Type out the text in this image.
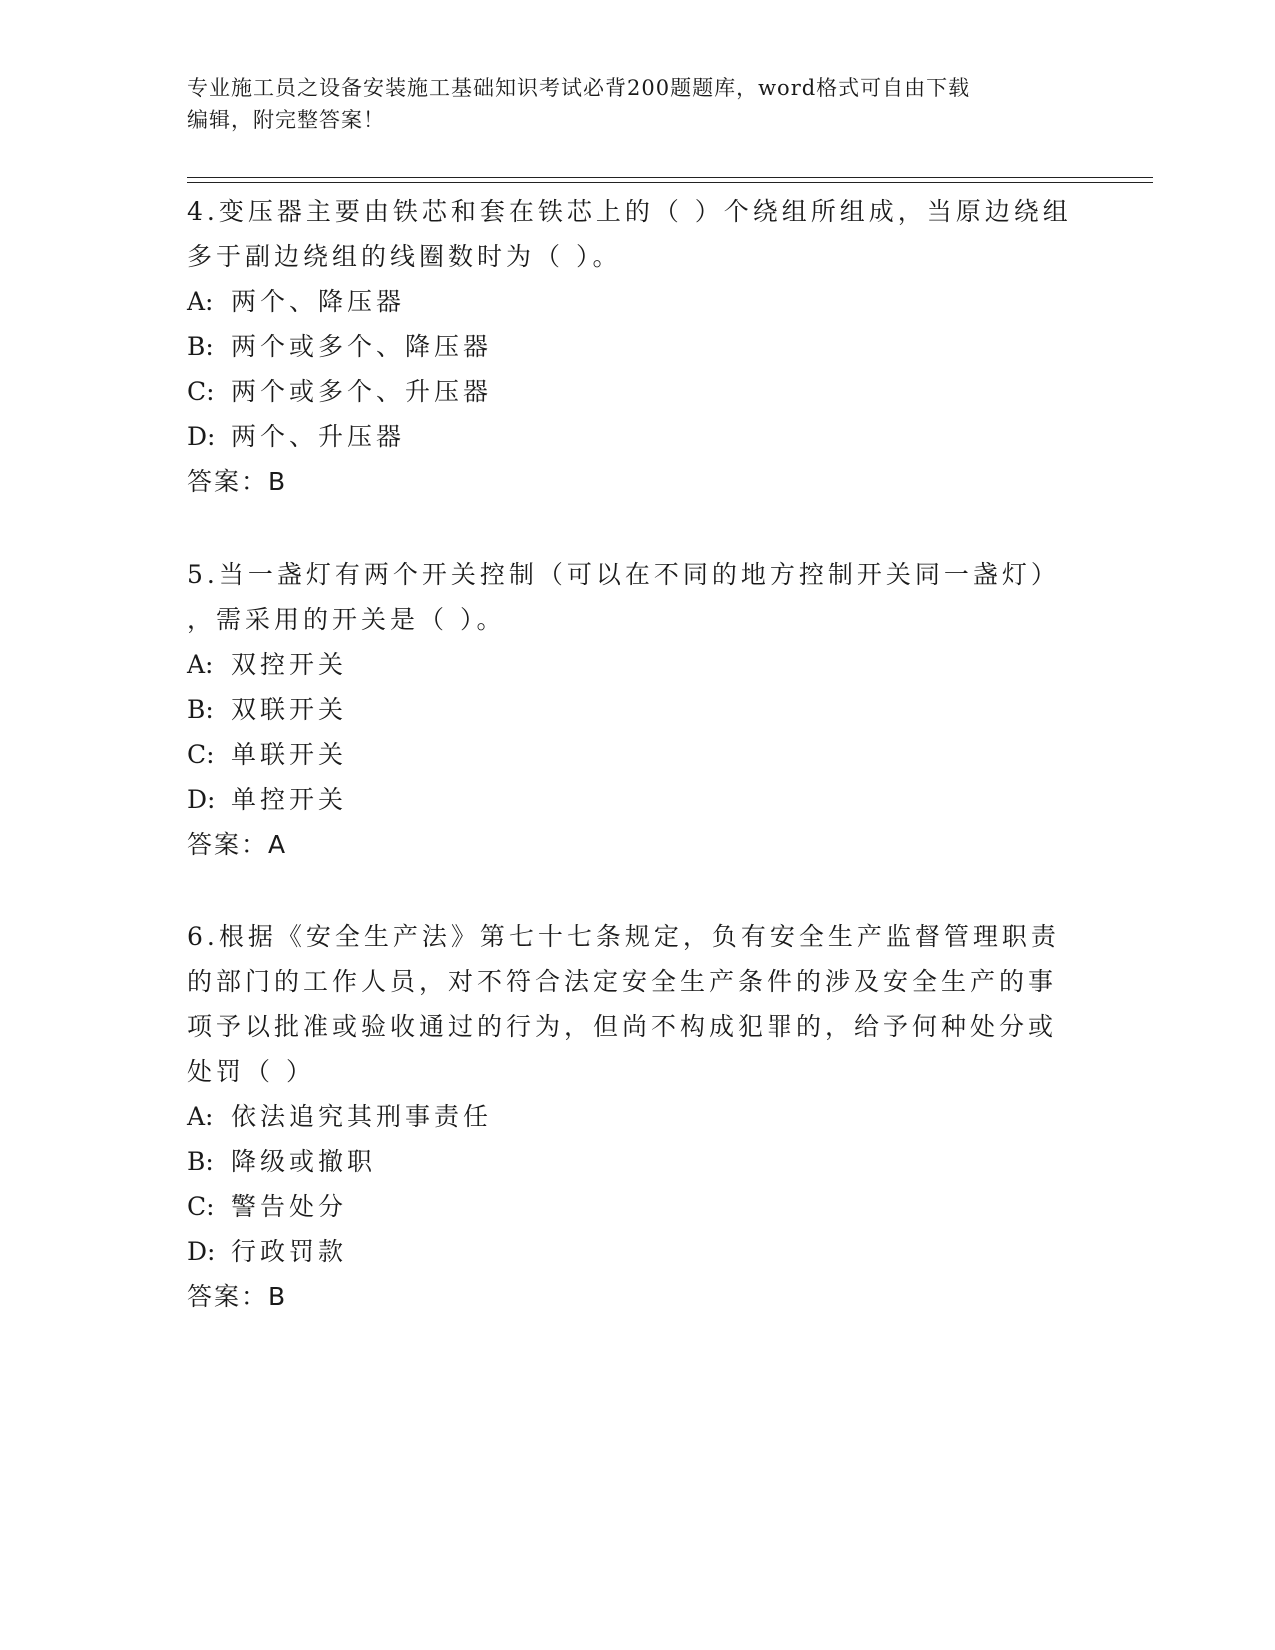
专业施工员之设备安装施工基础知识考试必背200题题库，word格式可自由下载
编辑，附完整答案！
4.变压器主要由铁芯和套在铁芯上的（ ）个绕组所组成，当原边绕组
多于副边绕组的线圈数时为（ ）。
A: 两个、降压器
B: 两个或多个、降压器
C: 两个或多个、升压器
D: 两个、升压器
答案：B
5.当一盏灯有两个开关控制（可以在不同的地方控制开关同一盏灯）
，需采用的开关是（ ）。
A: 双控开关
B: 双联开关
C: 单联开关
D: 单控开关
答案：A
6.根据《安全生产法》第七十七条规定，负有安全生产监督管理职责
的部门的工作人员，对不符合法定安全生产条件的涉及安全生产的事
项予以批准或验收通过的行为，但尚不构成犯罪的，给予何种处分或
处罚（ ）
A: 依法追究其刑事责任
B: 降级或撤职
C: 警告处分
D: 行政罚款
答案：B
